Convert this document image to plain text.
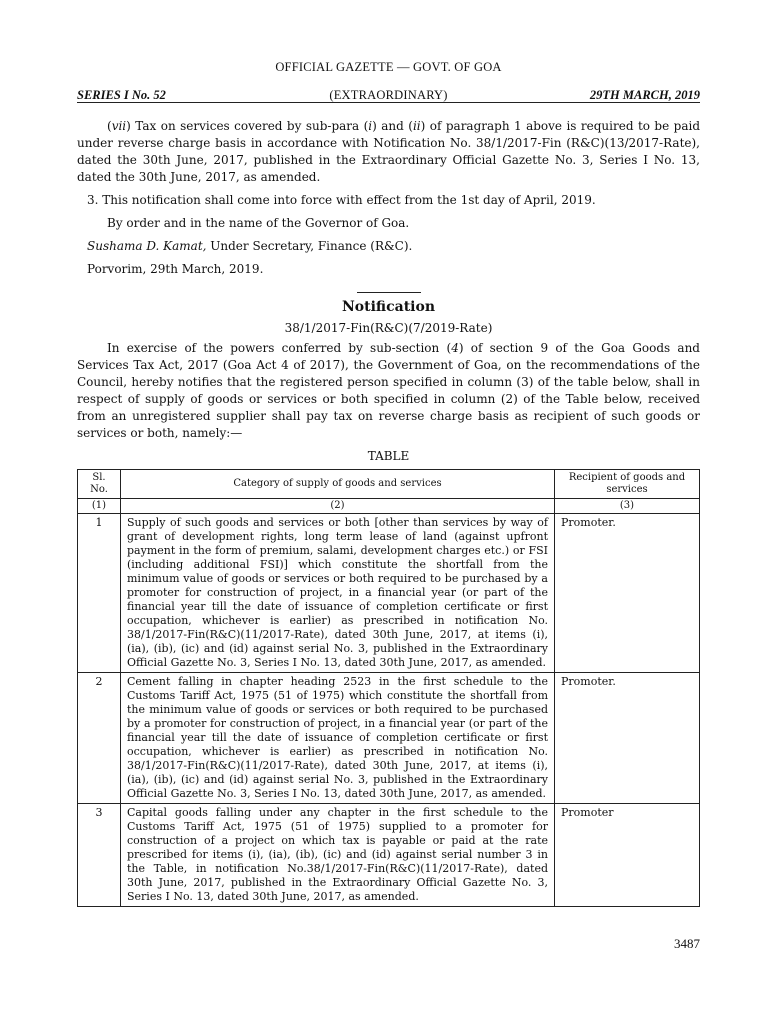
OFFICIAL GAZETTE — GOVT. OF GOA
SERIES I No. 52	(EXTRAORDINARY)	29TH MARCH, 2019

(vii) Tax on services covered by sub-para (i) and (ii) of paragraph 1 above is required to be paid under reverse charge basis in accordance with Notification No. 38/1/2017-Fin (R&C)(13/2017-Rate), dated the 30th June, 2017, published in the Extraordinary Official Gazette No. 3, Series I No. 13, dated the 30th June, 2017, as amended.

3. This notification shall come into force with effect from the 1st day of April, 2019.

By order and in the name of the Governor of Goa.

Sushama D. Kamat, Under Secretary, Finance (R&C).

Porvorim, 29th March, 2019.

Notification

38/1/2017-Fin(R&C)(7/2019-Rate)

In exercise of the powers conferred by sub-section (4) of section 9 of the Goa Goods and Services Tax Act, 2017 (Goa Act 4 of 2017), the Government of Goa, on the recommendations of the Council, hereby notifies that the registered person specified in column (3) of the table below, shall in respect of supply of goods or services or both specified in column (2) of the Table below, received from an unregistered supplier shall pay tax on reverse charge basis as recipient of such goods or services or both, namely:—

TABLE

Sl. No.	Category of supply of goods and services	Recipient of goods and services
(1)	(2)	(3)
1	Supply of such goods and services or both [other than services by way of grant of development rights, long term lease of land (against upfront payment in the form of premium, salami, development charges etc.) or FSI (including additional FSI)] which constitute the shortfall from the minimum value of goods or services or both required to be purchased by a promoter for construction of project, in a financial year (or part of the financial year till the date of issuance of completion certificate or first occupation, whichever is earlier) as prescribed in notification No. 38/1/2017-Fin(R&C)(11/2017-Rate), dated 30th June, 2017, at items (i), (ia), (ib), (ic) and (id) against serial No. 3, published in the Extraordinary Official Gazette No. 3, Series I No. 13, dated 30th June, 2017, as amended.	Promoter.
2	Cement falling in chapter heading 2523 in the first schedule to the Customs Tariff Act, 1975 (51 of 1975) which constitute the shortfall from the minimum value of goods or services or both required to be purchased by a promoter for construction of project, in a financial year (or part of the financial year till the date of issuance of completion certificate or first occupation, whichever is earlier) as prescribed in notification No. 38/1/2017-Fin(R&C)(11/2017-Rate), dated 30th June, 2017, at items (i), (ia), (ib), (ic) and (id) against serial No. 3, published in the Extraordinary Official Gazette No. 3, Series I No. 13, dated 30th June, 2017, as amended.	Promoter.
3	Capital goods falling under any chapter in the first schedule to the Customs Tariff Act, 1975 (51 of 1975) supplied to a promoter for construction of a project on which tax is payable or paid at the rate prescribed for items (i), (ia), (ib), (ic) and (id) against serial number 3 in the Table, in notification No.38/1/2017-Fin(R&C)(11/2017-Rate), dated 30th June, 2017, published in the Extraordinary Official Gazette No. 3, Series I No. 13, dated 30th June, 2017, as amended.	Promoter
3487
